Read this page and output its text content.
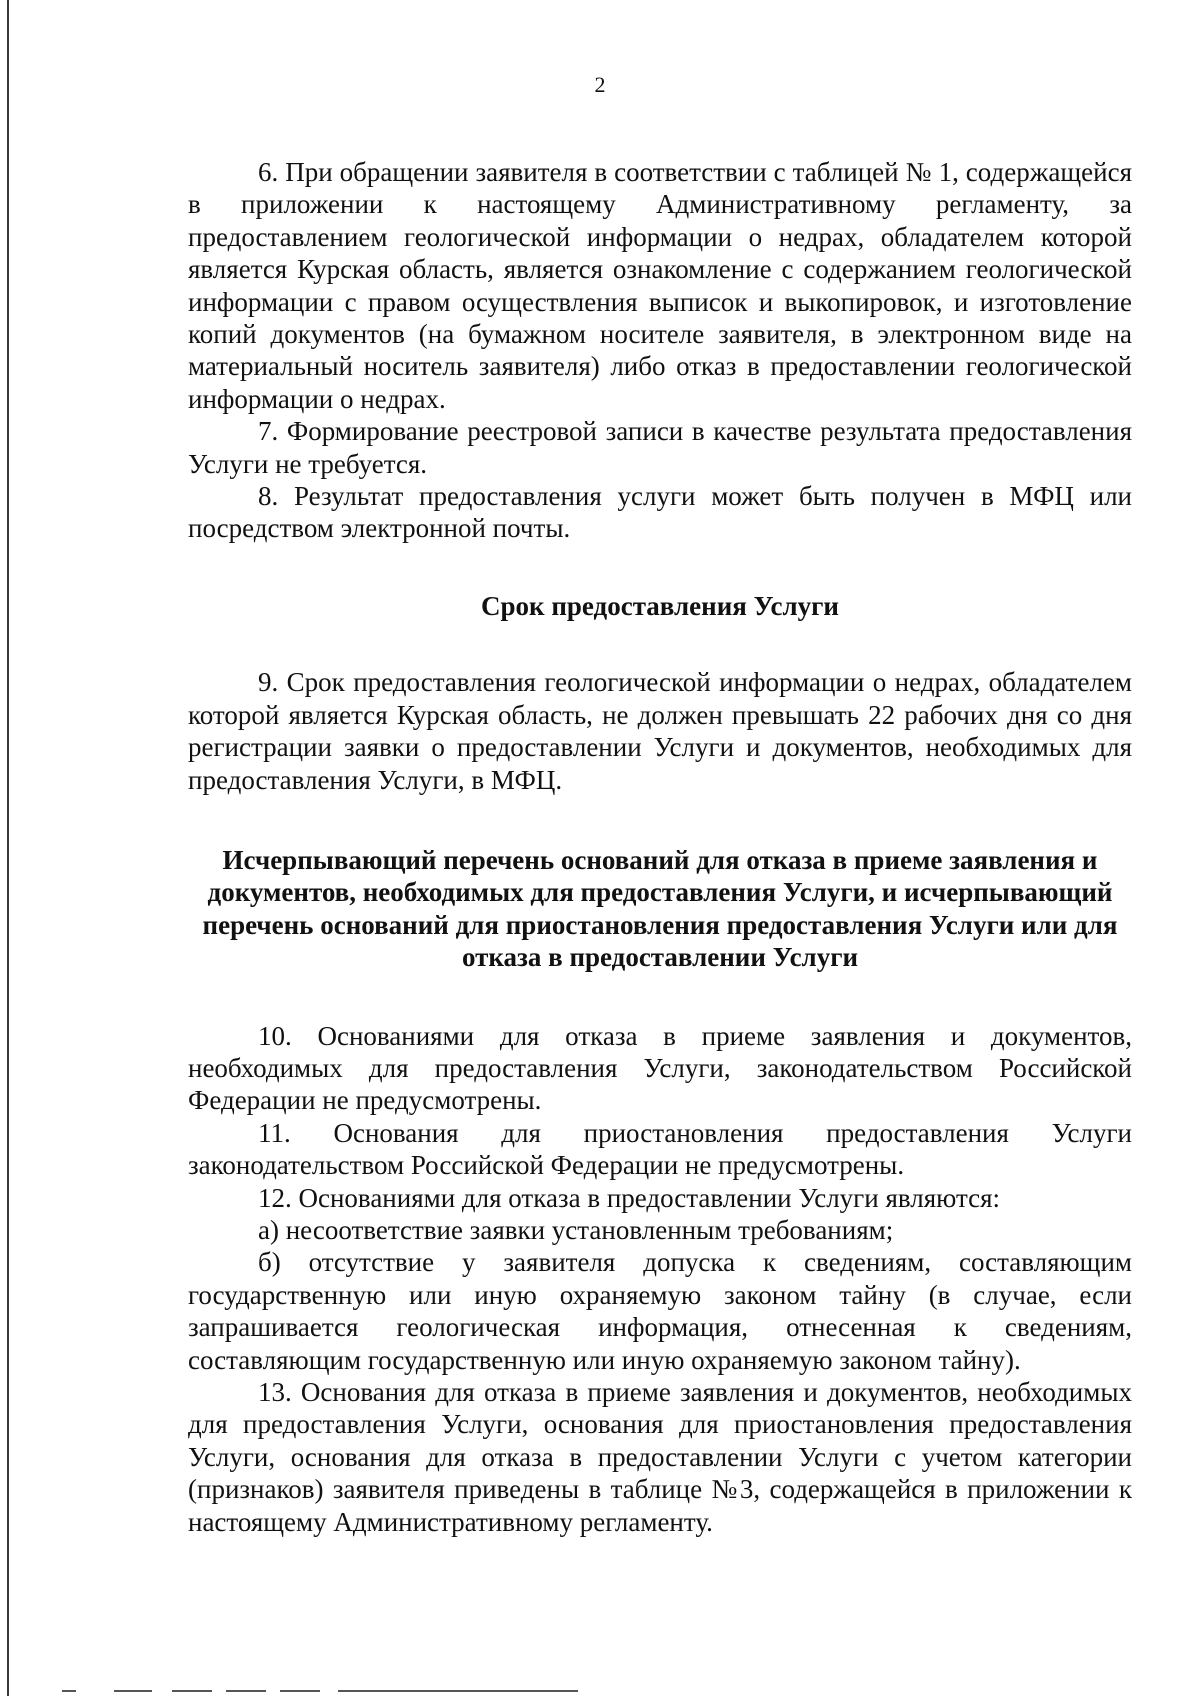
2

6. При обращении заявителя в соответствии с таблицей № 1, содержащейся в приложении к настоящему Административному регламенту, за предоставлением геологической информации о недрах, обладателем которой является Курская область, является ознакомление с содержанием геологической информации с правом осуществления выписок и выкопировок, и изготовление копий документов (на бумажном носителе заявителя, в электронном виде на материальный носитель заявителя) либо отказ в предоставлении геологической информации о недрах.

7. Формирование реестровой записи в качестве результата предоставления Услуги не требуется.

8. Результат предоставления услуги может быть получен в МФЦ или посредством электронной почты.

Срок предоставления Услуги

9. Срок предоставления геологической информации о недрах, обладателем которой является Курская область, не должен превышать 22 рабочих дня со дня регистрации заявки о предоставлении Услуги и документов, необходимых для предоставления Услуги, в МФЦ.

Исчерпывающий перечень оснований для отказа в приеме заявления и документов, необходимых для предоставления Услуги, и исчерпывающий перечень оснований для приостановления предоставления Услуги или для отказа в предоставлении Услуги

10. Основаниями для отказа в приеме заявления и документов, необходимых для предоставления Услуги, законодательством Российской Федерации не предусмотрены.

11. Основания для приостановления предоставления Услуги законодательством Российской Федерации не предусмотрены.

12. Основаниями для отказа в предоставлении Услуги являются:

а) несоответствие заявки установленным требованиям;

б) отсутствие у заявителя допуска к сведениям, составляющим государственную или иную охраняемую законом тайну (в случае, если запрашивается геологическая информация, отнесенная к сведениям, составляющим государственную или иную охраняемую законом тайну).

13. Основания для отказа в приеме заявления и документов, необходимых для предоставления Услуги, основания для приостановления предоставления Услуги, основания для отказа в предоставлении Услуги с учетом категории (признаков) заявителя приведены в таблице №3, содержащейся в приложении к настоящему Административному регламенту.
